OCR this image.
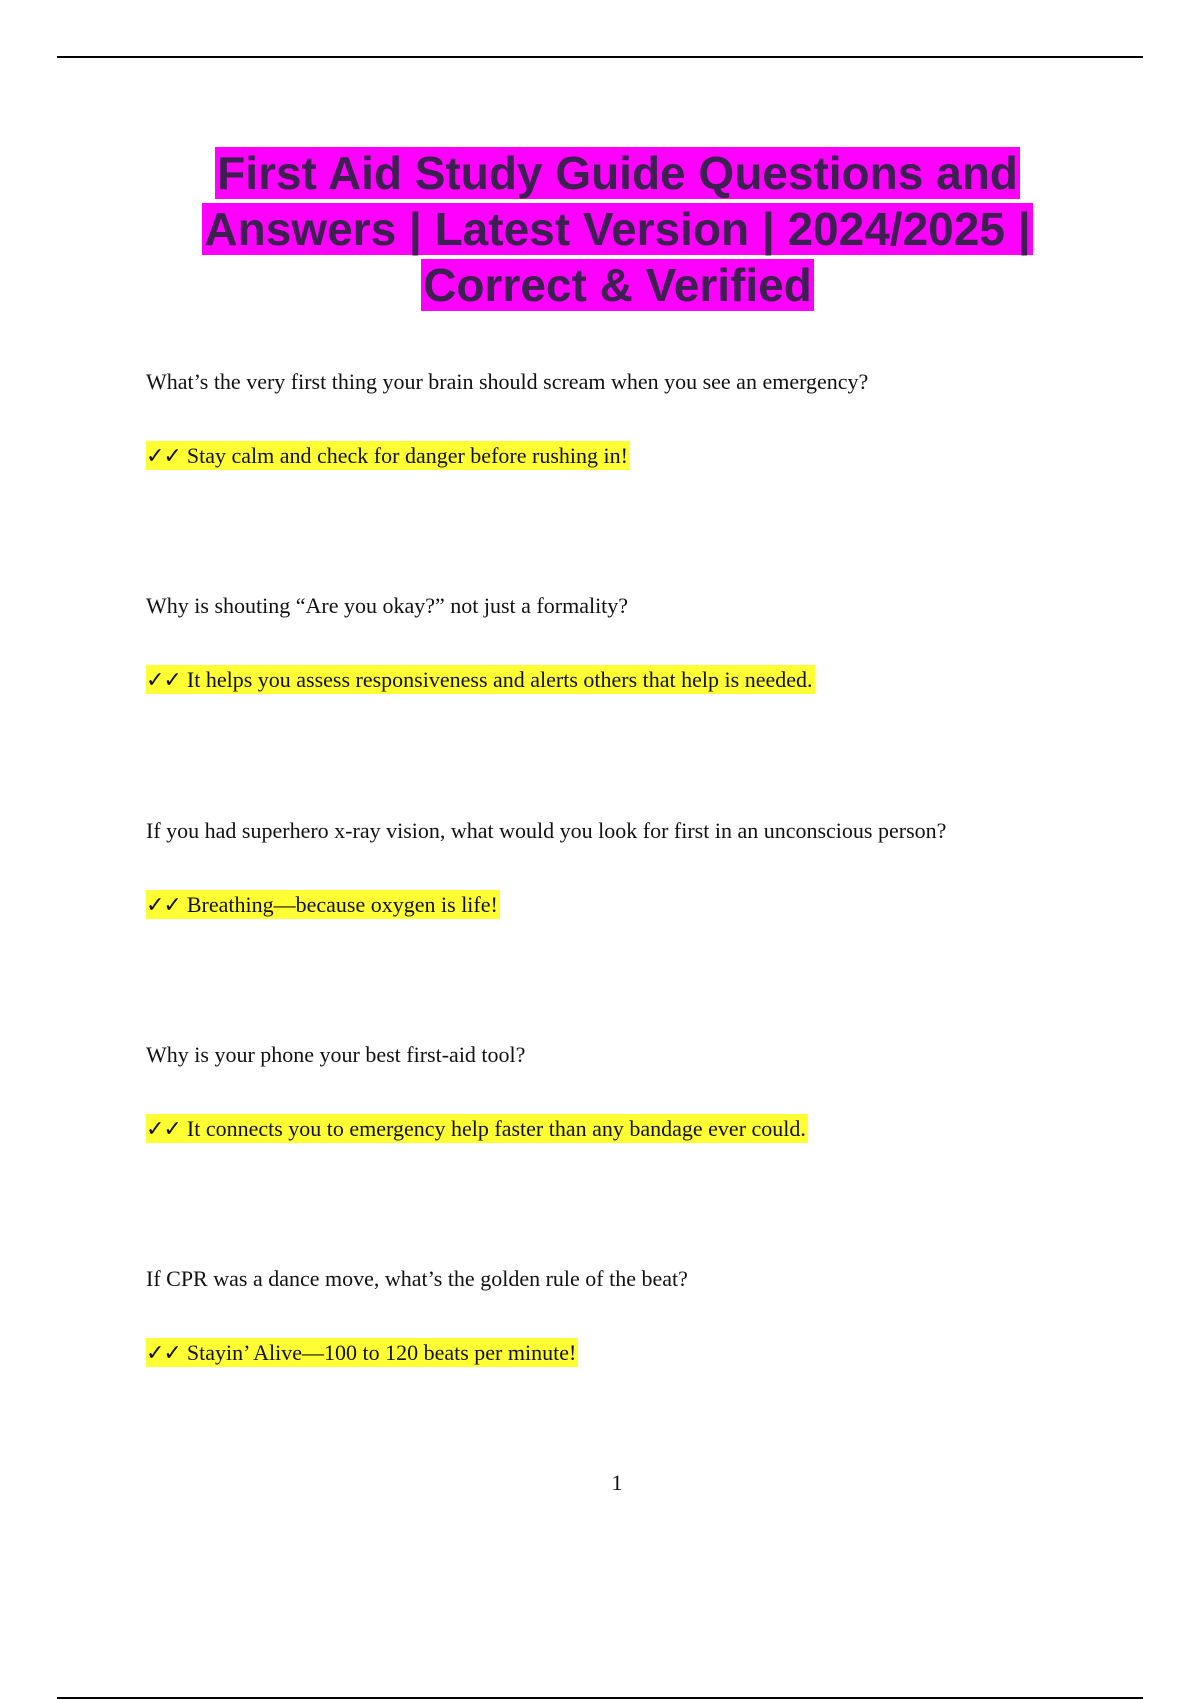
First Aid Study Guide Questions and Answers | Latest Version | 2024/2025 | Correct & Verified
What’s the very first thing your brain should scream when you see an emergency?
✓✓ Stay calm and check for danger before rushing in!
Why is shouting “Are you okay?” not just a formality?
✓✓ It helps you assess responsiveness and alerts others that help is needed.
If you had superhero x-ray vision, what would you look for first in an unconscious person?
✓✓ Breathing—because oxygen is life!
Why is your phone your best first-aid tool?
✓✓ It connects you to emergency help faster than any bandage ever could.
If CPR was a dance move, what’s the golden rule of the beat?
✓✓ Stayin’ Alive—100 to 120 beats per minute!
1
